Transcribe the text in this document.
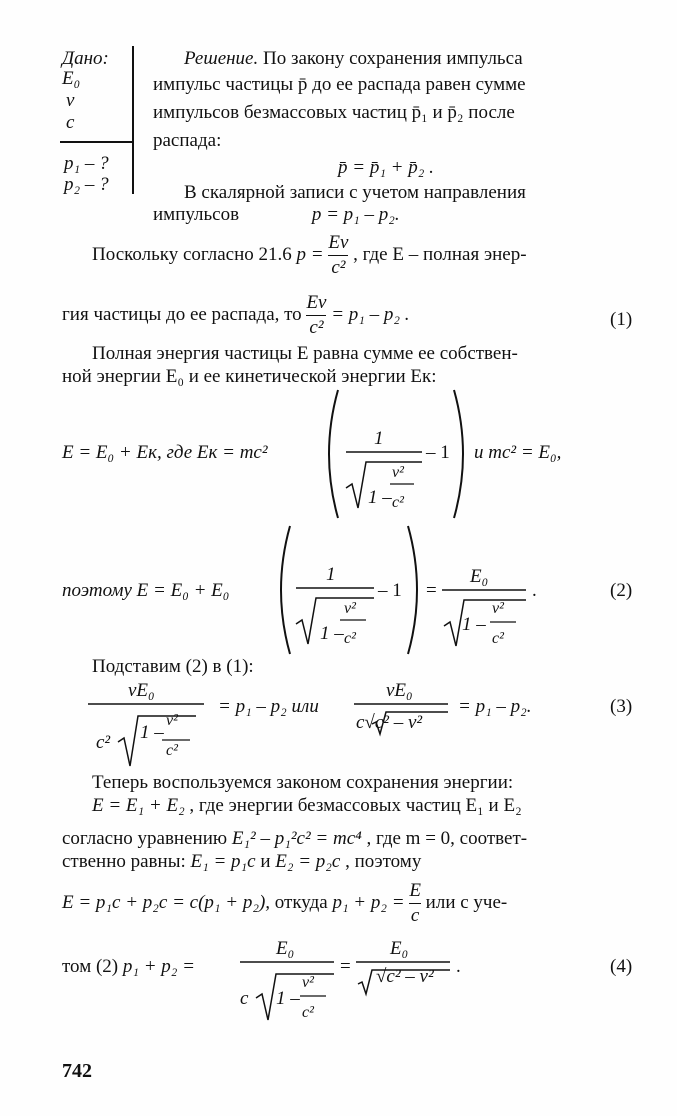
Дано:
E₀
v
c
p₁ – ?
p₂ – ?
Решение. По закону сохранения импульса
импульс частицы p̄ до ее распада равен сумме
импульсов безмассовых частиц p̄₁ и p̄₂ после
распада:
p̄ = p̄₁ + p̄₂ .
В скалярной записи с учетом направления
импульсов	p = p₁ – p₂.
Поскольку согласно 21.6 $p = \frac{Ev}{\text{c²}}$ , где E – полная энер-
гия частицы до ее распада, то $\frac{Ev}{\text{c²}} = p_1 - p_2$ .	(1)
Полная энергия частицы E равна сумме ее собствен-
ной энергии E₀ и ее кинетической энергии Eк:
E = E₀ + Eк, где Eк = mc²
1
1 –
v²
c²
– 1 и mc² = E₀,
поэтому E = E₀ + E₀
1
1 –
v²
c²
– 1 =
E₀
1 –
v²
c²
.	(2)
Подставим (2) в (1):
vE₀
c² 1 –
v²
c²
= p₁ – p₂ или
vE₀
c√c² – v²
= p₁ – p₂.	(3)
Теперь воспользуемся законом сохранения энергии:
E = E₁ + E₂ , где энергии безмассовых частиц E₁ и E₂
согласно уравнению E₁² – p₁²c² = mc⁴ , где m = 0, соответ-
ственно равны: E₁ = p₁c и E₂ = p₂c , поэтому
E = p₁c + p₂c = c(p₁ + p₂), откуда $p_1 + p_2 = \frac{E}{c}$ или с уче-
том (2) p₁ + p₂ =
E₀
c 1 –
v²
c²
=
E₀
√c² – v² .	(4)
742
